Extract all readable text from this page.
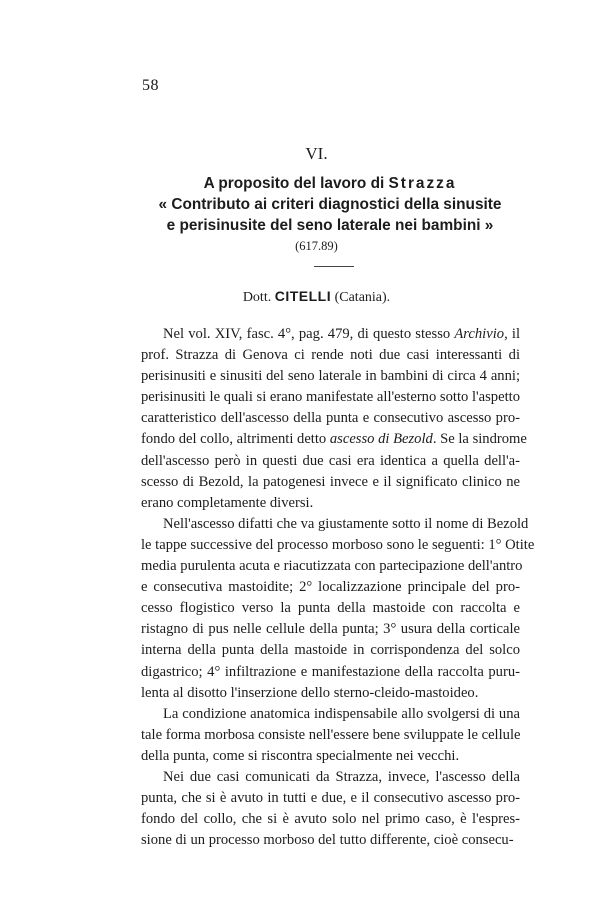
58
VI.
A proposito del lavoro di Strazza
« Contributo ai criteri diagnostici della sinusite
e perisinusite del seno laterale nei bambini »
(617.89)
Dott. CITELLI (Catania).
Nel vol. XIV, fasc. 4°, pag. 479, di questo stesso Archivio, il
prof. Strazza di Genova ci rende noti due casi interessanti di
perisinusiti e sinusiti del seno laterale in bambini di circa 4 anni;
perisinusiti le quali si erano manifestate all'esterno sotto l'aspetto
caratteristico dell'ascesso della punta e consecutivo ascesso pro-
fondo del collo, altrimenti detto ascesso di Bezold. Se la sindrome
dell'ascesso però in questi due casi era identica a quella dell'a-
scesso di Bezold, la patogenesi invece e il significato clinico ne
erano completamente diversi.
Nell'ascesso difatti che va giustamente sotto il nome di Bezold
le tappe successive del processo morboso sono le seguenti: 1° Otite
media purulenta acuta e riacutizzata con partecipazione dell'antro
e consecutiva mastoidite; 2° localizzazione principale del pro-
cesso flogistico verso la punta della mastoide con raccolta e
ristagno di pus nelle cellule della punta; 3° usura della corticale
interna della punta della mastoide in corrispondenza del solco
digastrico; 4° infiltrazione e manifestazione della raccolta puru-
lenta al disotto l'inserzione dello sterno-cleido-mastoideo.
La condizione anatomica indispensabile allo svolgersi di una
tale forma morbosa consiste nell'essere bene sviluppate le cellule
della punta, come si riscontra specialmente nei vecchi.
Nei due casi comunicati da Strazza, invece, l'ascesso della
punta, che si è avuto in tutti e due, e il consecutivo ascesso pro-
fondo del collo, che si è avuto solo nel primo caso, è l'espres-
sione di un processo morboso del tutto differente, cioè consecu-
